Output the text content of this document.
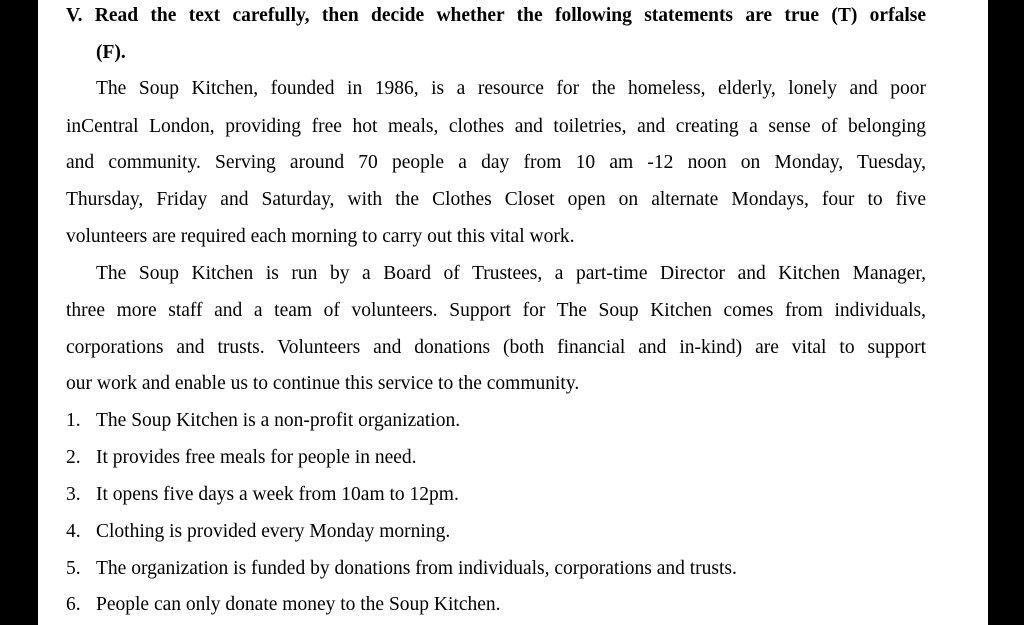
V. Read the text carefully, then decide whether the following statements are true (T) orfalse
(F).
The Soup Kitchen, founded in 1986, is a resource for the homeless, elderly, lonely and poor
inCentral London, providing free hot meals, clothes and toiletries, and creating a sense of belonging
and community. Serving around 70 people a day from 10 am -12 noon on Monday, Tuesday,
Thursday, Friday and Saturday, with the Clothes Closet open on alternate Mondays, four to five
volunteers are required each morning to carry out this vital work.
The Soup Kitchen is run by a Board of Trustees, a part-time Director and Kitchen Manager,
three more staff and a team of volunteers. Support for The Soup Kitchen comes from individuals,
corporations and trusts. Volunteers and donations (both financial and in-kind) are vital to support
our work and enable us to continue this service to the community.
1. The Soup Kitchen is a non-profit organization.
2. It provides free meals for people in need.
3. It opens five days a week from 10am to 12pm.
4. Clothing is provided every Monday morning.
5. The organization is funded by donations from individuals, corporations and trusts.
6. People can only donate money to the Soup Kitchen.
